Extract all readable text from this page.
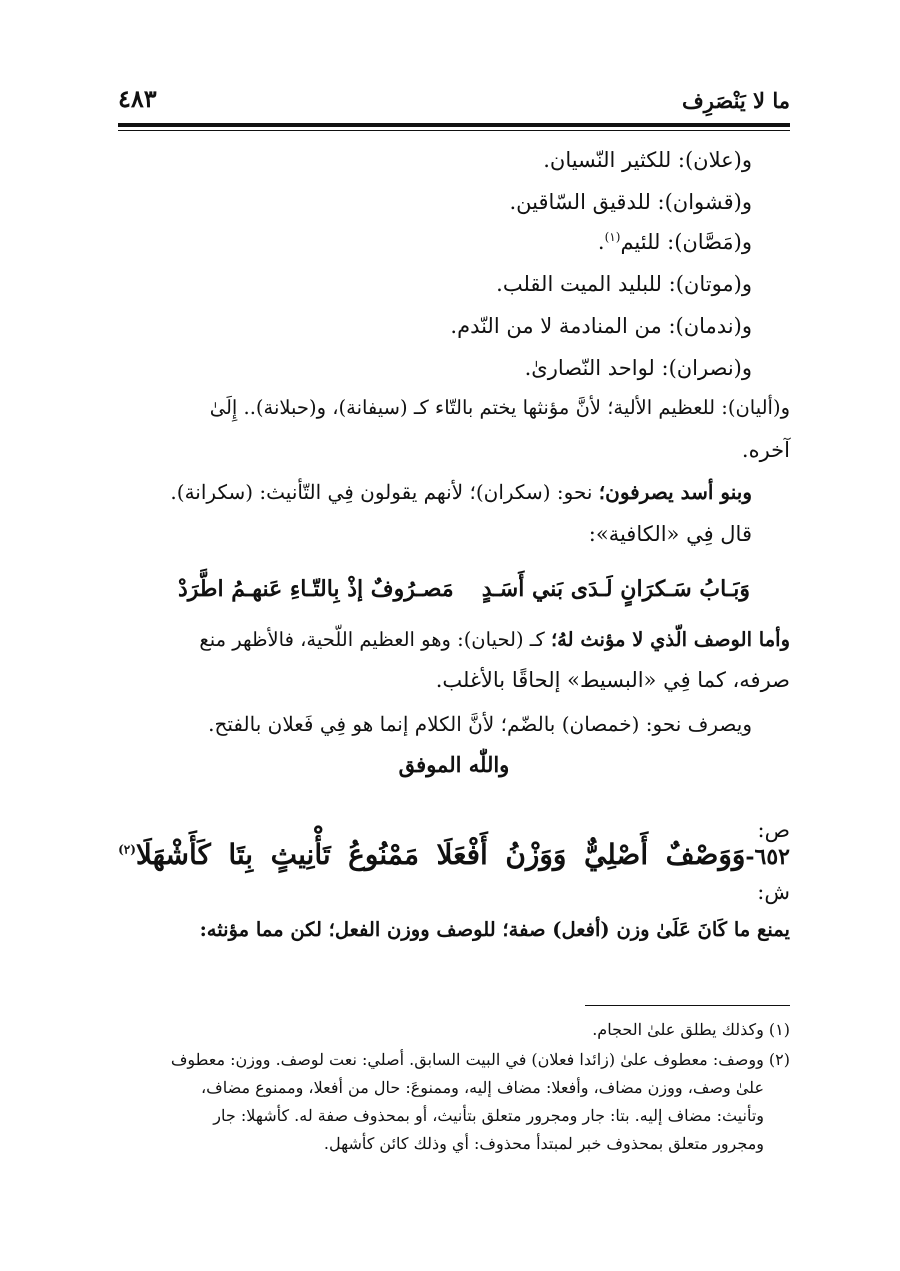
ما لا يَنْصَرِف
٤٨٣
و(علان): للكثير النّسيان.
و(قشوان): للدقيق السّاقين.
و(مَصَّان): للئيم$^{(١)}$.
و(موتان): للبليد الميت القلب.
و(ندمان): من المنادمة لا من النّدم.
و(نصران): لواحد النّصارىٰ.
و(أليان): للعظيم الألية؛ لأنَّ مؤنثها يختم بالتّاء كـ (سيفانة)، و(حبلانة).. إِلَىٰ
آخره.
وبنو أسد يصرفون؛ نحو: (سكران)؛ لأنهم يقولون فِي التّأنيث: (سكرانة).
قال فِي «الكافية»:
وَبَـابُ سَـكرَانٍ لَـدَى بَني أَسَـدٍ
مَصـرُوفٌ إذْ بِالتّـاءِ عَنهـمُ اطَّرَدْ
وأما الوصف الّذي لا مؤنث لهُ؛ كـ (لحيان): وهو العظيم اللّحية، فالأظهر منع
صرفه، كما فِي «البسيط» إلحاقًا بالأغلب.
ويصرف نحو: (خمصان) بالضّم؛ لأنَّ الكلام إنما هو فِي فَعلان بالفتح.
واللّٰه الموفق
ص:
٦٥٢-وَوَصْفٌ
أَصْلِيٌّ
وَوَزْنُ
أَفْعَلَا
مَمْنُوعُ
تَأْنِيثٍ
بِتَا
كَأَشْهَلَا$^{(٢)}$
ش:
يمنع ما كَانَ عَلَىٰ وزن (أفعل) صفة؛ للوصف ووزن الفعل؛ لكن مما مؤنثه:
(١) وكذلك يطلق علىٰ الحجام.
(٢) ووصف: معطوف علىٰ (زائدا فعلان) في البيت السابق. أصلي: نعت لوصف. ووزن: معطوف
علىٰ وصف، ووزن مضاف، وأفعلا: مضاف إليه، وممنوعَ: حال من أفعلا، وممنوع مضاف،
وتأنيث: مضاف إليه. بتا: جار ومجرور متعلق بتأنيث، أو بمحذوف صفة له. كأشهلا: جار
ومجرور متعلق بمحذوف خبر لمبتدأ محذوف: أي وذلك كائن كأشهل.
